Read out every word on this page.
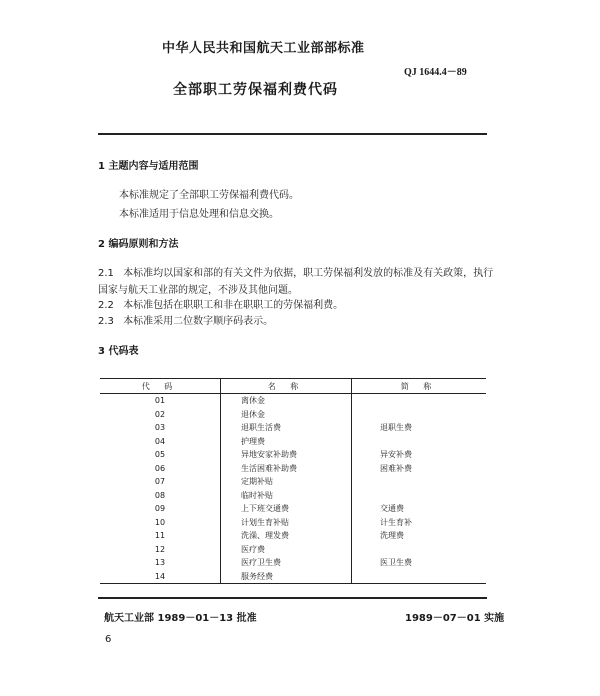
中华人民共和国航天工业部部标准
QJ 1644.4－89
全部职工劳保福利费代码
1 主题内容与适用范围
本标准规定了全部职工劳保福利费代码。
本标准适用于信息处理和信息交换。
2 编码原则和方法
2.1 本标准均以国家和部的有关文件为依据，职工劳保福利发放的标准及有关政策，执行
国家与航天工业部的规定，不涉及其他问题。
2.2 本标准包括在职职工和非在职职工的劳保福利费。
2.3 本标准采用二位数字顺序码表示。
3 代码表
代 码	名 称	简 称
01	离休金	
02	退休金	
03	退职生活费	退职生费
04	护理费	
05	异地安家补助费	异安补费
06	生活困难补助费	困难补费
07	定期补贴	
08	临时补贴	
09	上下班交通费	交通费
10	计划生育补贴	计生育补
11	洗澡、理发费	洗理费
12	医疗费	
13	医疗卫生费	医卫生费
14	服务经费	
航天工业部 1989－01－13 批准	1989－07－01 实施
6
